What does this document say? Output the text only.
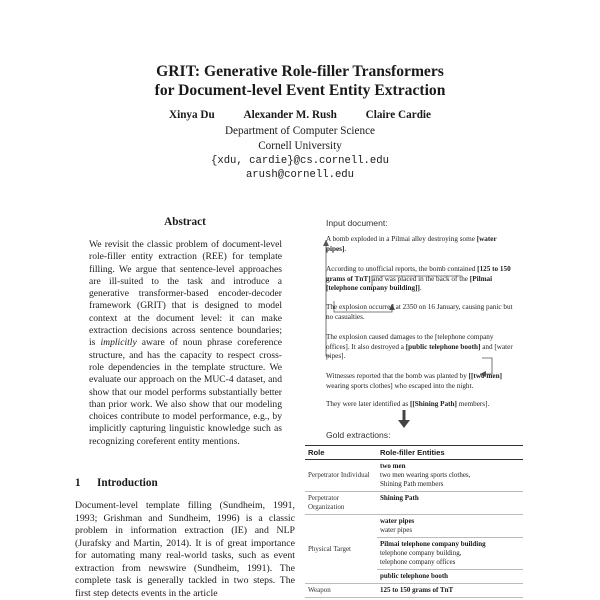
GRIT: Generative Role-filler Transformers
for Document-level Event Entity Extraction
Xinya Du	Alexander M. Rush	Claire Cardie
Department of Computer Science
Cornell University
{xdu, cardie}@cs.cornell.edu
arush@cornell.edu
Abstract

We revisit the classic problem of document-level role-filler entity extraction (REE) for template filling. We argue that sentence-level approaches are ill-suited to the task and introduce a generative transformer-based encoder-decoder framework (GRIT) that is designed to model context at the document level: it can make extraction decisions across sentence boundaries; is implicitly aware of noun phrase coreference structure, and has the capacity to respect cross-role dependencies in the template structure. We evaluate our approach on the MUC-4 dataset, and show that our model performs substantially better than prior work. We also show that our modeling choices contribute to model performance, e.g., by implicitly capturing linguistic knowledge such as recognizing coreferent entity mentions.

1 Introduction

Document-level template filling (Sundheim, 1991, 1993; Grishman and Sundheim, 1996) is a classic problem in information extraction (IE) and NLP (Jurafsky and Martin, 2014). It is of great importance for automating many real-world tasks, such as event extraction from newswire (Sundheim, 1991). The complete task is generally tackled in two steps. The first step detects events in the article

Input document:

A bomb exploded in a Pilmai alley destroying some [water pipes].

According to unofficial reports, the bomb contained [125 to 150 grams of TnT] and was placed in the back of the [Pilmai [telephone company building]].

The explosion occurred at 2350 on 16 January, causing panic but no casualties.

The explosion caused damages to the [telephone company offices]. It also destroyed a [public telephone booth] and [water pipes].

Witnesses reported that the bomb was planted by [[two men] wearing sports clothes] who escaped into the night.

They were later identified as [[Shining Path] members].

Gold extractions:
Role	Role-filler Entities
Perpetrator Individual	two men
two men wearing sports clothes,
Shining Path members

Perpetrator Organization	Shining Path

Physical Target	water pipes
water pipes

	Pilmai telephone company building
telephone company building,
telephone company offices

	public telephone booth

Weapon	125 to 150 grams of TnT
